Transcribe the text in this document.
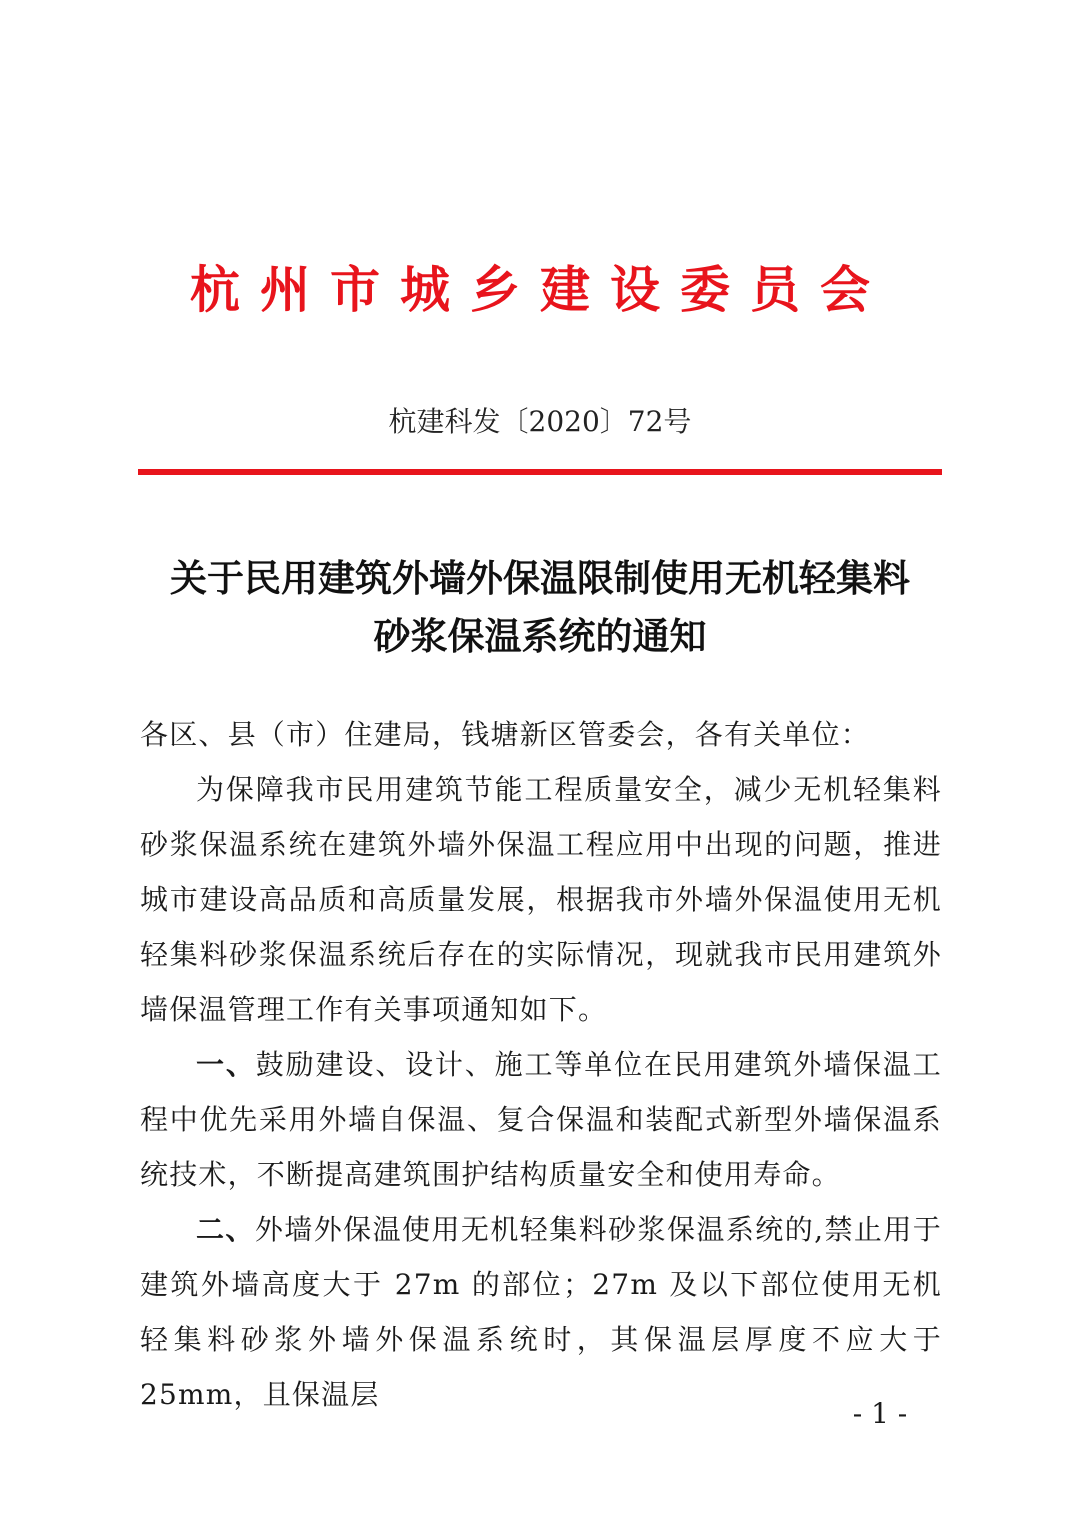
杭州市城乡建设委员会
杭建科发〔2020〕72号
关于民用建筑外墙外保温限制使用无机轻集料
砂浆保温系统的通知

各区、县（市）住建局，钱塘新区管委会，各有关单位：

为保障我市民用建筑节能工程质量安全，减少无机轻集料砂浆保温系统在建筑外墙外保温工程应用中出现的问题，推进城市建设高品质和高质量发展，根据我市外墙外保温使用无机轻集料砂浆保温系统后存在的实际情况，现就我市民用建筑外墙保温管理工作有关事项通知如下。

一、鼓励建设、设计、施工等单位在民用建筑外墙保温工程中优先采用外墙自保温、复合保温和装配式新型外墙保温系统技术，不断提高建筑围护结构质量安全和使用寿命。

二、外墙外保温使用无机轻集料砂浆保温系统的,禁止用于建筑外墙高度大于 27m 的部位；27m 及以下部位使用无机轻集料砂浆外墙外保温系统时，其保温层厚度不应大于 25mm，且保温层

- 1 -
